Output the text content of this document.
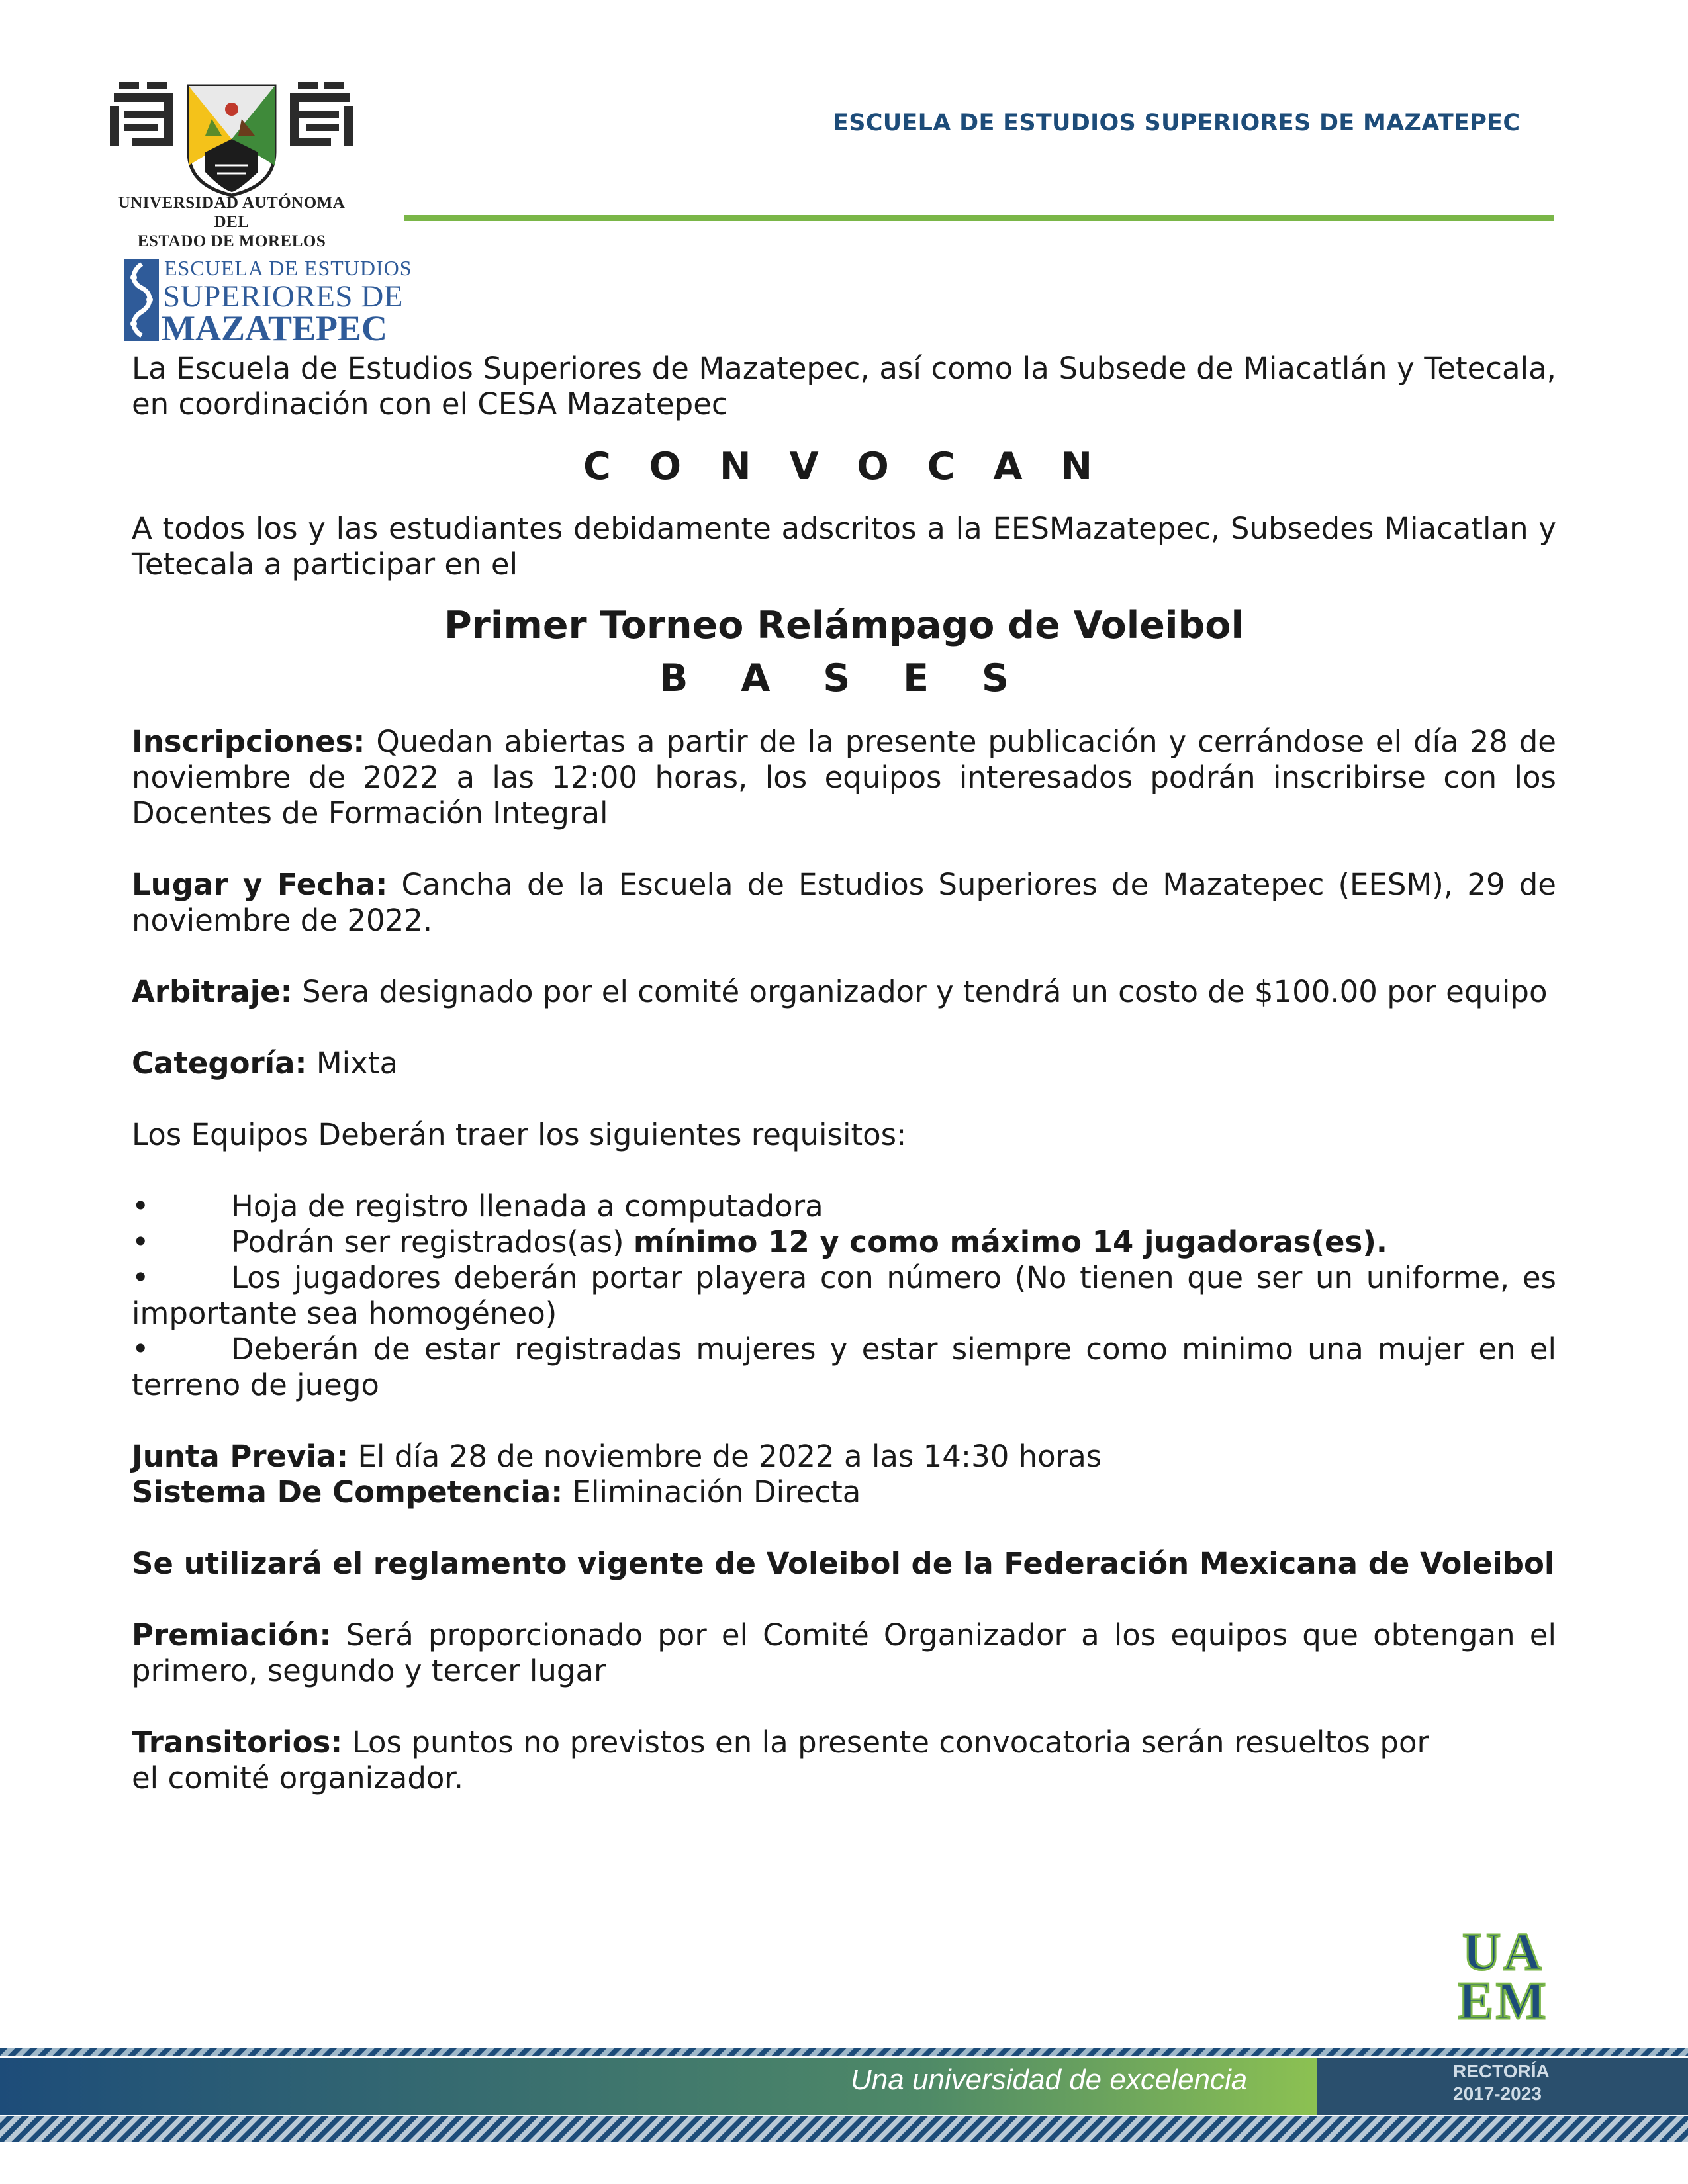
UNIVERSIDAD AUTÓNOMA DEL
ESTADO DE MORELOS
ESCUELA DE ESTUDIOS SUPERIORES DE MAZATEPEC
ESCUELA DE ESTUDIOS
SUPERIORES DE
MAZATEPEC

La Escuela de Estudios Superiores de Mazatepec, así como la Subsede de Miacatlán y Tetecala, en coordinación con el CESA Mazatepec

C O N V O C A N

A todos los y las estudiantes debidamente adscritos a la EESMazatepec, Subsedes Miacatlan y Tetecala a participar en el

Primer Torneo Relámpago de Voleibol

B A S E S

Inscripciones: Quedan abiertas a partir de la presente publicación y cerrándose el día 28 de noviembre de 2022 a las 12:00 horas, los equipos interesados podrán inscribirse con los Docentes de Formación Integral

Lugar y Fecha: Cancha de la Escuela de Estudios Superiores de Mazatepec (EESM), 29 de noviembre de 2022.

Arbitraje: Sera designado por el comité organizador y tendrá un costo de $100.00 por equipo

Categoría: Mixta

Los Equipos Deberán traer los siguientes requisitos:

•	Hoja de registro llenada a computadora

•	Podrán ser registrados(as) mínimo 12 y como máximo 14 jugadoras(es).

•	Los jugadores deberán portar playera con número (No tienen que ser un uniforme, es importante sea homogéneo)

•	Deberán de estar registradas mujeres y estar siempre como minimo una mujer en el terreno de juego

Junta Previa: El día 28 de noviembre de 2022 a las 14:30 horas

Sistema De Competencia: Eliminación Directa

Se utilizará el reglamento vigente de Voleibol de la Federación Mexicana de Voleibol

Premiación: Será proporcionado por el Comité Organizador a los equipos que obtengan el primero, segundo y tercer lugar

Transitorios: Los puntos no previstos en la presente convocatoria serán resueltos por el comité organizador.

UA
EM
Una universidad de excelencia	RECTORÍA
2017-2023
